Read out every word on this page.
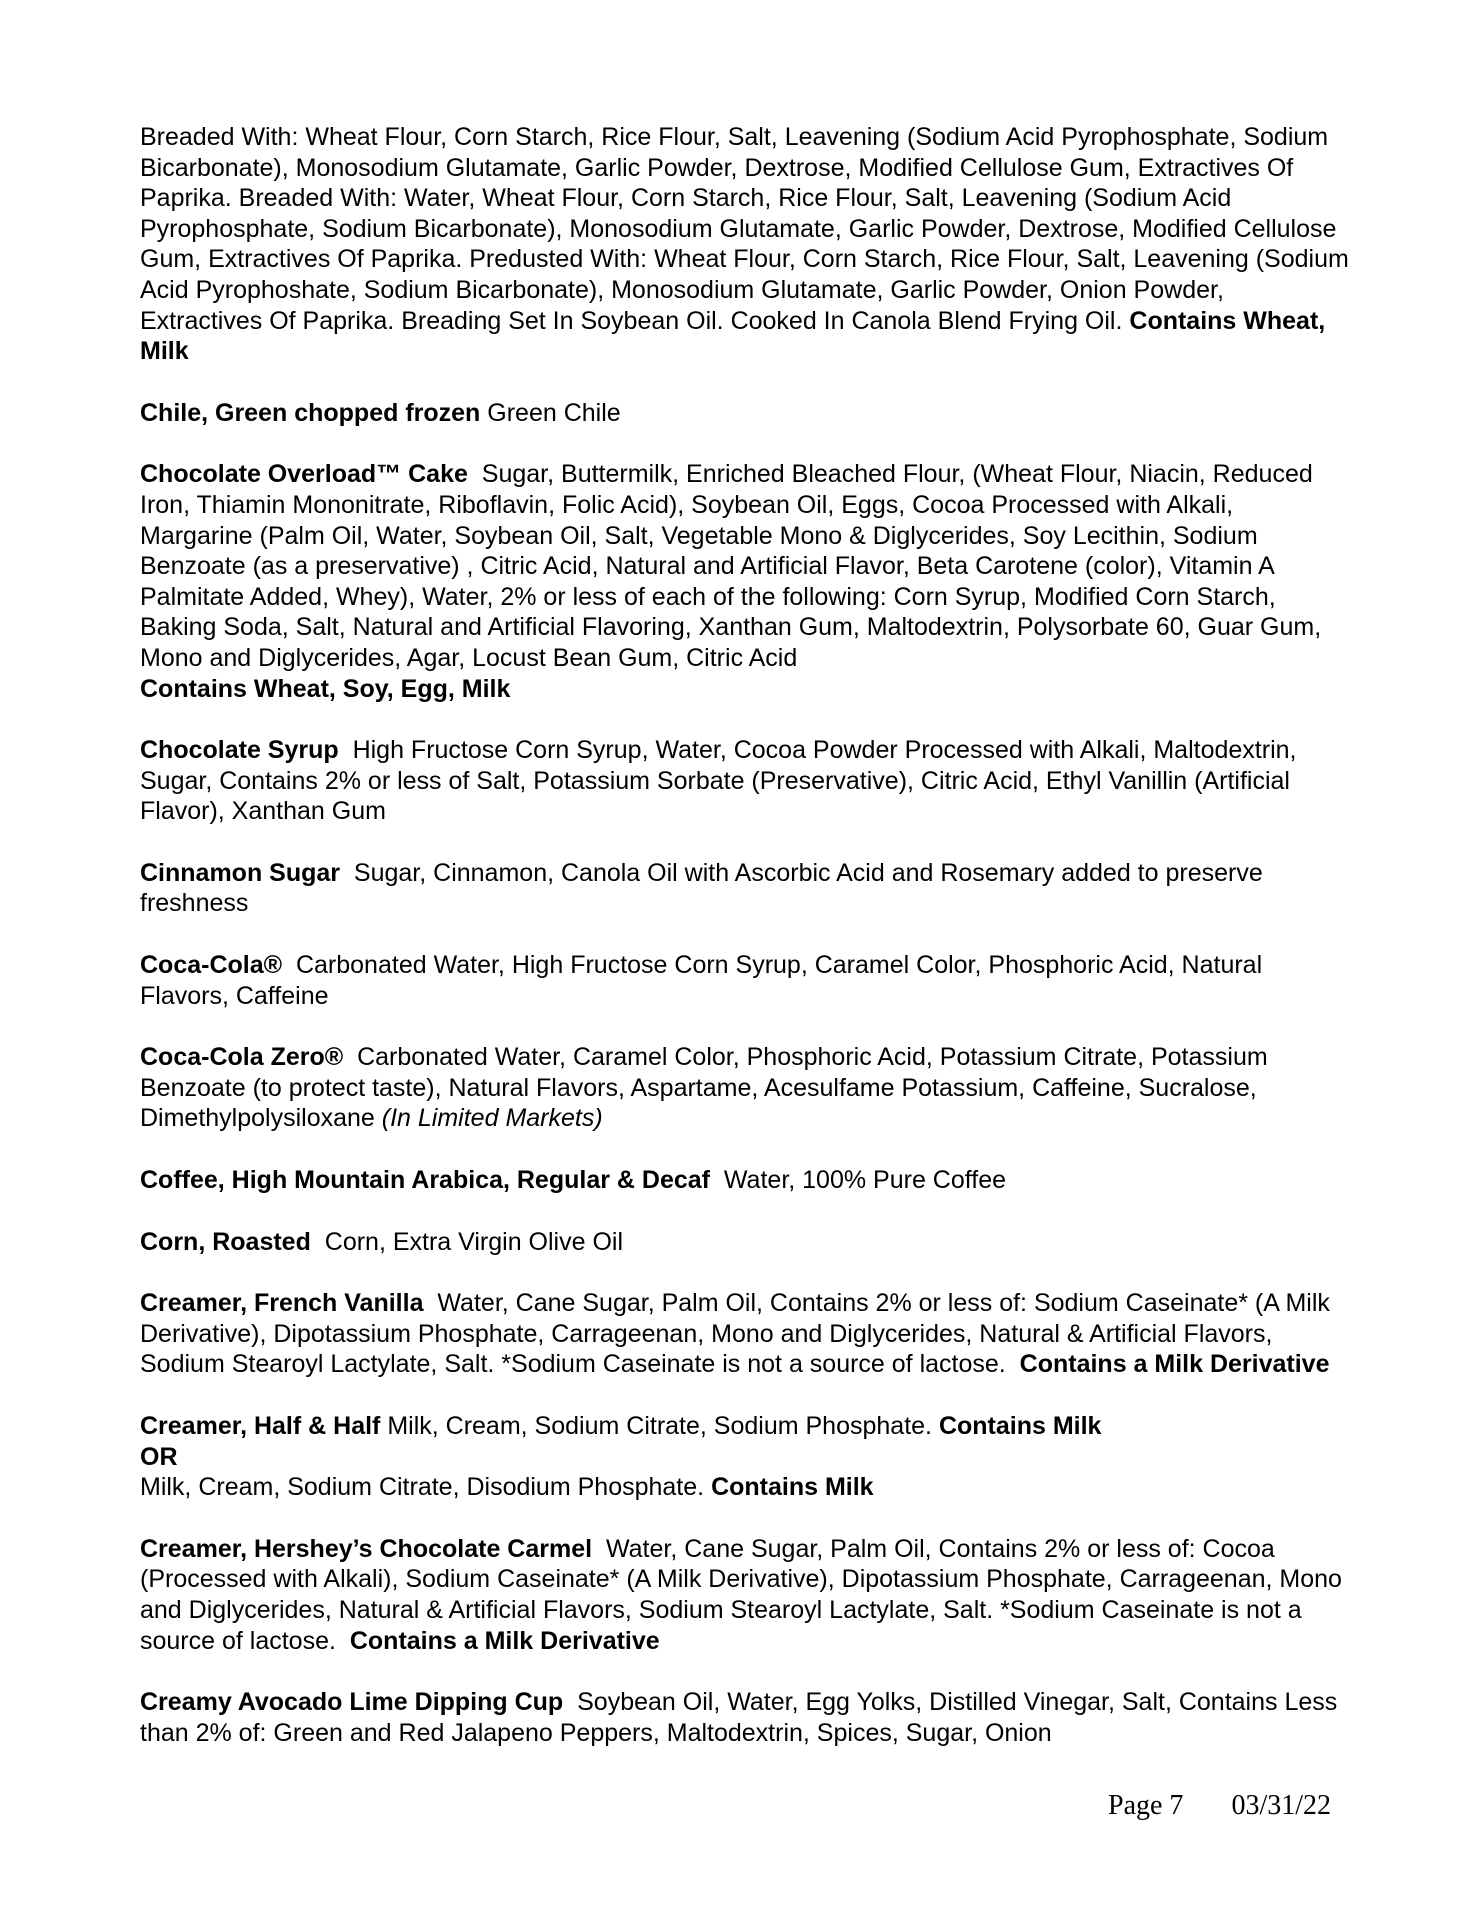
Breaded With: Wheat Flour, Corn Starch, Rice Flour, Salt, Leavening (Sodium Acid Pyrophosphate, Sodium Bicarbonate), Monosodium Glutamate, Garlic Powder, Dextrose, Modified Cellulose Gum, Extractives Of Paprika. Breaded With: Water, Wheat Flour, Corn Starch, Rice Flour, Salt, Leavening (Sodium Acid Pyrophosphate, Sodium Bicarbonate), Monosodium Glutamate, Garlic Powder, Dextrose, Modified Cellulose Gum, Extractives Of Paprika. Predusted With: Wheat Flour, Corn Starch, Rice Flour, Salt, Leavening (Sodium Acid Pyrophoshate, Sodium Bicarbonate), Monosodium Glutamate, Garlic Powder, Onion Powder, Extractives Of Paprika. Breading Set In Soybean Oil. Cooked In Canola Blend Frying Oil. Contains Wheat, Milk
Chile, Green chopped frozen Green Chile
Chocolate Overload™ Cake Sugar, Buttermilk, Enriched Bleached Flour, (Wheat Flour, Niacin, Reduced Iron, Thiamin Mononitrate, Riboflavin, Folic Acid), Soybean Oil, Eggs, Cocoa Processed with Alkali, Margarine (Palm Oil, Water, Soybean Oil, Salt, Vegetable Mono & Diglycerides, Soy Lecithin, Sodium Benzoate (as a preservative) , Citric Acid, Natural and Artificial Flavor, Beta Carotene (color), Vitamin A Palmitate Added, Whey), Water, 2% or less of each of the following: Corn Syrup, Modified Corn Starch, Baking Soda, Salt, Natural and Artificial Flavoring, Xanthan Gum, Maltodextrin, Polysorbate 60, Guar Gum, Mono and Diglycerides, Agar, Locust Bean Gum, Citric Acid
Contains Wheat, Soy, Egg, Milk
Chocolate Syrup High Fructose Corn Syrup, Water, Cocoa Powder Processed with Alkali, Maltodextrin, Sugar, Contains 2% or less of Salt, Potassium Sorbate (Preservative), Citric Acid, Ethyl Vanillin (Artificial Flavor), Xanthan Gum
Cinnamon Sugar Sugar, Cinnamon, Canola Oil with Ascorbic Acid and Rosemary added to preserve freshness
Coca-Cola® Carbonated Water, High Fructose Corn Syrup, Caramel Color, Phosphoric Acid, Natural Flavors, Caffeine
Coca-Cola Zero® Carbonated Water, Caramel Color, Phosphoric Acid, Potassium Citrate, Potassium Benzoate (to protect taste), Natural Flavors, Aspartame, Acesulfame Potassium, Caffeine, Sucralose, Dimethylpolysiloxane (In Limited Markets)
Coffee, High Mountain Arabica, Regular & Decaf Water, 100% Pure Coffee
Corn, Roasted Corn, Extra Virgin Olive Oil
Creamer, French Vanilla Water, Cane Sugar, Palm Oil, Contains 2% or less of: Sodium Caseinate* (A Milk Derivative), Dipotassium Phosphate, Carrageenan, Mono and Diglycerides, Natural & Artificial Flavors, Sodium Stearoyl Lactylate, Salt. *Sodium Caseinate is not a source of lactose. Contains a Milk Derivative

Creamer, Half & Half Milk, Cream, Sodium Citrate, Sodium Phosphate. Contains Milk

OR

Milk, Cream, Sodium Citrate, Disodium Phosphate. Contains Milk

Creamer, Hershey’s Chocolate Carmel Water, Cane Sugar, Palm Oil, Contains 2% or less of: Cocoa (Processed with Alkali), Sodium Caseinate* (A Milk Derivative), Dipotassium Phosphate, Carrageenan, Mono and Diglycerides, Natural & Artificial Flavors, Sodium Stearoyl Lactylate, Salt. *Sodium Caseinate is not a source of lactose. Contains a Milk Derivative
Creamy Avocado Lime Dipping Cup Soybean Oil, Water, Egg Yolks, Distilled Vinegar, Salt, Contains Less than 2% of: Green and Red Jalapeno Peppers, Maltodextrin, Spices, Sugar, Onion
Page 7 03/31/22
